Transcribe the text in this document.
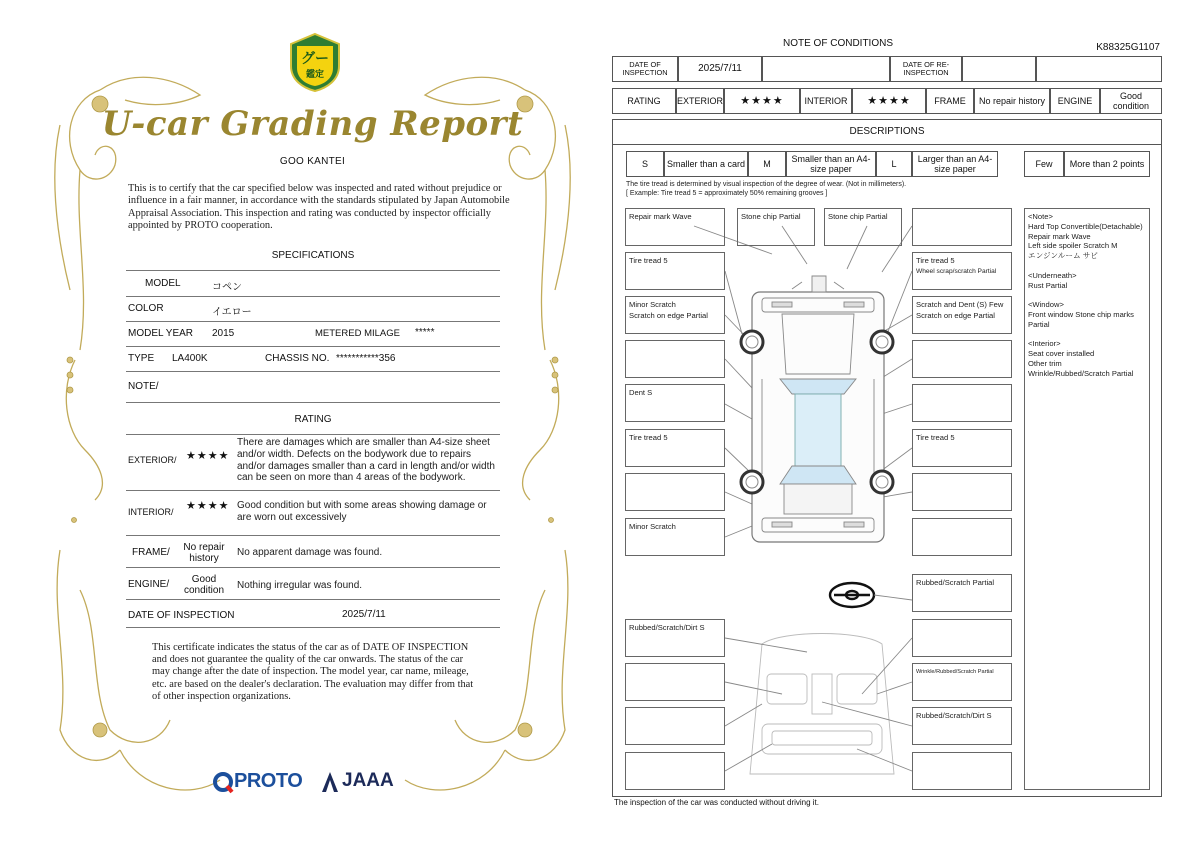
グー
鑑定
U-car Grading Report
GOO KANTEI
This is to certify that the car specified below was inspected and rated without prejudice or influence in a fair manner, in accordance with the standards stipulated by Japan Automobile Appraisal Association. This inspection and rating was conducted by inspector officially appointed by PROTO cooperation.
SPECIFICATIONS
MODEL	コペン
COLOR	イエロー
MODEL YEAR 2015	METERED MILAGE *****
TYPE LA400K	CHASSIS NO. ***********356
NOTE/
RATING
EXTERIOR/ ★★★★
There are damages which are smaller than A4-size sheet and/or width. Defects on the bodywork due to repairs and/or damages smaller than a card in length and/or width can be seen on more than 4 areas of the bodywork.
INTERIOR/ ★★★★ Good condition but with some areas showing damage or are worn out excessively
FRAME/	No repair history
No apparent damage was found.
ENGINE/	Good condition	Nothing irregular was found.
DATE OF INSPECTION	2025/7/11
This certificate indicates the status of the car as of DATE OF INSPECTION and does not guarantee the quality of the car onwards. The status of the car may change after the date of inspection. The model year, car name, mileage, etc. are based on the dealer's declaration. The evaluation may differ from that of other inspection organizations.
PROTO JAAA
NOTE OF CONDITIONS	K88325G1107
DATE OF INSPECTION	2025/7/11	DATE OF RE-INSPECTION
RATING	EXTERIOR	★★★★	INTERIOR	★★★★	FRAME	No repair history	ENGINE	Good condition
DESCRIPTIONS
S	Smaller than a card	M	Smaller than an A4-size paper	L	Larger than an A4-size paper	Few	More than 2 points
The tire tread is determined by visual inspection of the degree of wear. (Not in millimeters).
[ Example: Tire tread 5 = approximately 50% remaining grooves ]
Repair mark Wave	Stone chip Partial	Stone chip Partial
Tire tread 5
Minor Scratch
Scratch on edge Partial
Dent S
Tire tread 5
Minor Scratch
Tire tread 5
Wheel scrap/scratch Partial
Scratch and Dent (S) Few
Scratch on edge Partial
Tire tread 5
Rubbed/Scratch Partial
Rubbed/Scratch/Dirt S
Wrinkle/Rubbed/Scratch Partial
Rubbed/Scratch/Dirt S
<Note>
Hard Top Convertible(Detachable) Repair mark Wave
Left side spoiler Scratch M
エンジンルーム サビ

<Underneath>
Rust Partial

<Window>
Front window Stone chip marks Partial

<Interior>
Seat cover installed
Other trim
Wrinkle/Rubbed/Scratch Partial
The inspection of the car was conducted without driving it.
